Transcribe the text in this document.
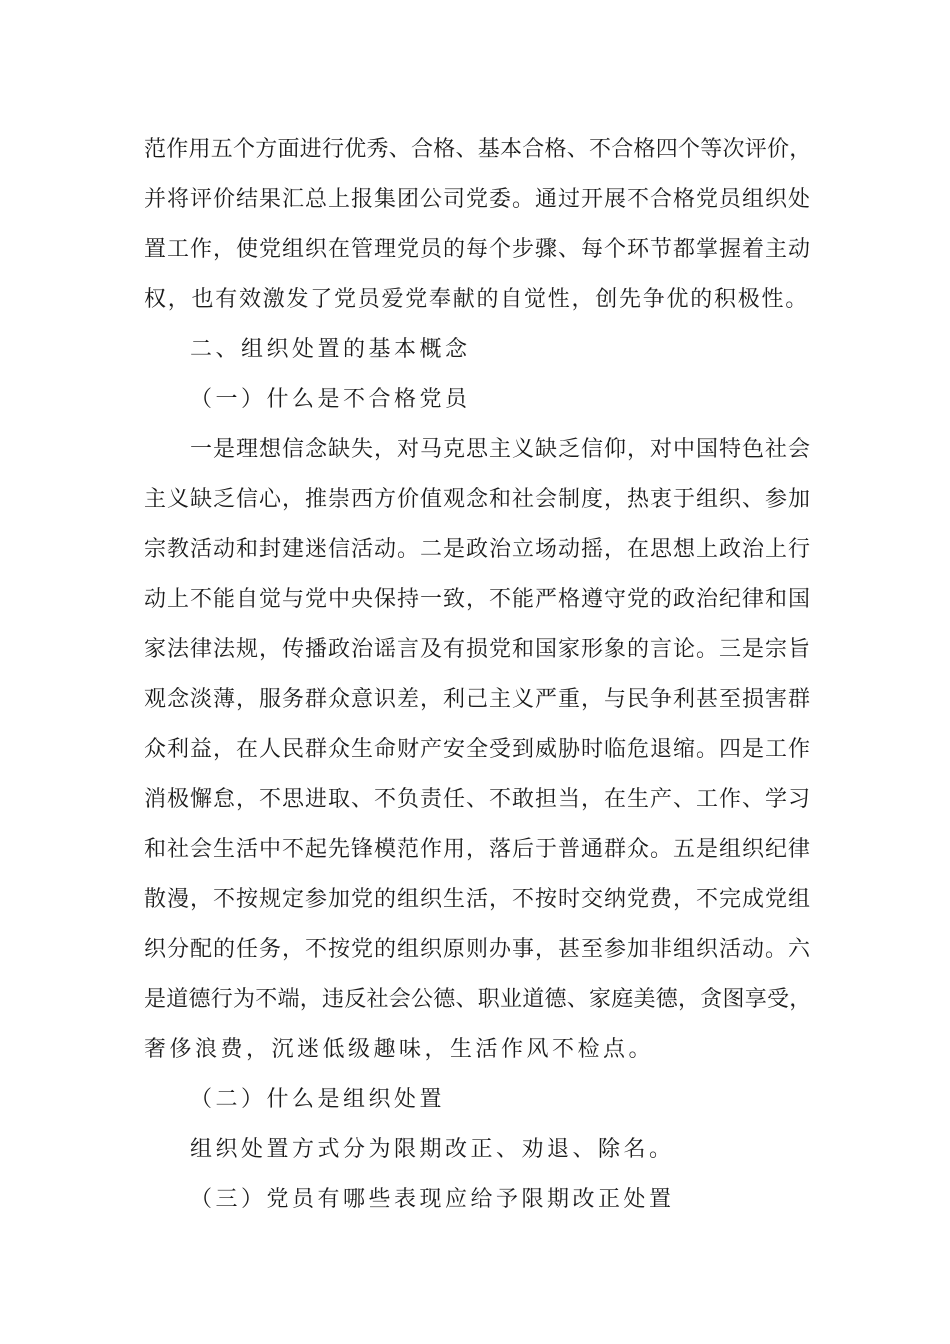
范作用五个方面进行优秀、合格、基本合格、不合格四个等次评价，

并将评价结果汇总上报集团公司党委。通过开展不合格党员组织处

置工作，使党组织在管理党员的每个步骤、每个环节都掌握着主动

权，也有效激发了党员爱党奉献的自觉性，创先争优的积极性。

二、组织处置的基本概念

（一）什么是不合格党员

一是理想信念缺失，对马克思主义缺乏信仰，对中国特色社会

主义缺乏信心，推崇西方价值观念和社会制度，热衷于组织、参加

宗教活动和封建迷信活动。二是政治立场动摇，在思想上政治上行

动上不能自觉与党中央保持一致，不能严格遵守党的政治纪律和国

家法律法规，传播政治谣言及有损党和国家形象的言论。三是宗旨

观念淡薄，服务群众意识差，利己主义严重，与民争利甚至损害群

众利益，在人民群众生命财产安全受到威胁时临危退缩。四是工作

消极懈怠，不思进取、不负责任、不敢担当，在生产、工作、学习

和社会生活中不起先锋模范作用，落后于普通群众。五是组织纪律

散漫，不按规定参加党的组织生活，不按时交纳党费，不完成党组

织分配的任务，不按党的组织原则办事，甚至参加非组织活动。六

是道德行为不端，违反社会公德、职业道德、家庭美德，贪图享受，

奢侈浪费，沉迷低级趣味，生活作风不检点。

（二）什么是组织处置

组织处置方式分为限期改正、劝退、除名。

（三）党员有哪些表现应给予限期改正处置
